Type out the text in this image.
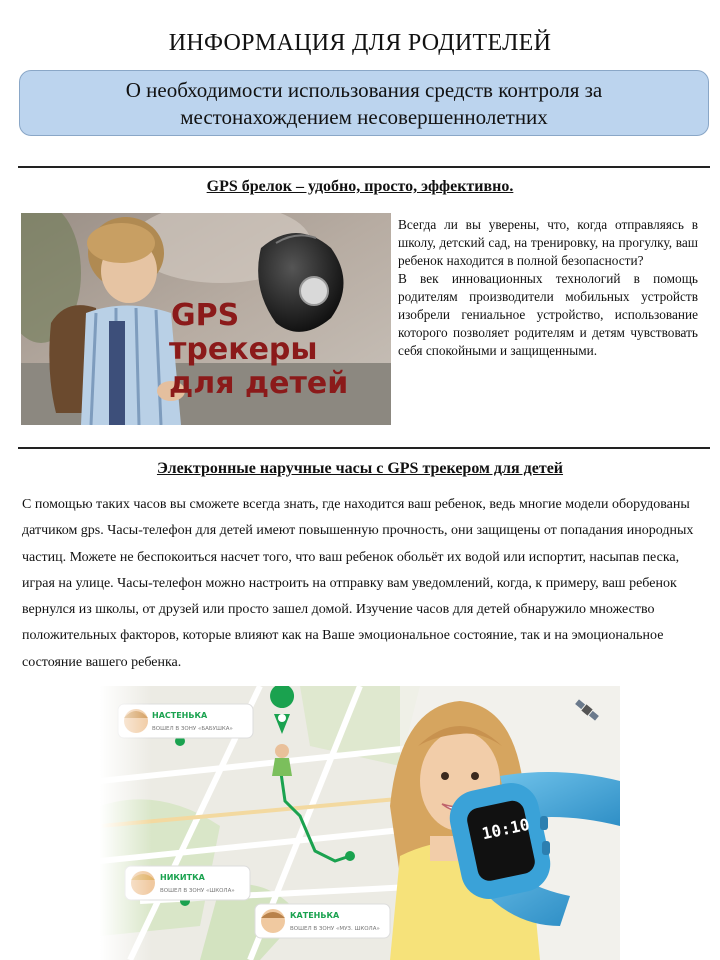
ИНФОРМАЦИЯ ДЛЯ РОДИТЕЛЕЙ
О необходимости использования средств контроля за
местонахождением несовершеннолетних
GPS брелок – удобно, просто, эффективно.
GPS
трекеры
для детей
Всегда ли вы уверены, что, когда отправляясь в школу, детский сад, на тренировку, на прогулку, ваш ребенок находится в полной безопасности?
В век инновационных технологий в помощь родителям производители мобильных устройств изобрели гениальное устройство, использование которого позволяет родителям и детям чувствовать себя спокойными и защищенными.
Электронные наручные часы с GPS трекером для детей
С помощью таких часов вы сможете всегда знать, где находится ваш ребенок, ведь многие модели оборудованы датчиком gps. Часы-телефон для детей имеют повышенную прочность, они защищены от попадания инородных частиц. Можете не беспокоиться насчет того, что ваш ребенок обольёт их водой или испортит, насыпав песка, играя на улице. Часы-телефон можно настроить на отправку вам уведомлений, когда, к примеру, ваш ребенок вернулся из школы, от друзей или просто зашел домой. Изучение часов для детей обнаружило множество положительных факторов, которые влияют как на Ваше эмоциональное состояние, так и на эмоциональное состояние вашего ребенка.
